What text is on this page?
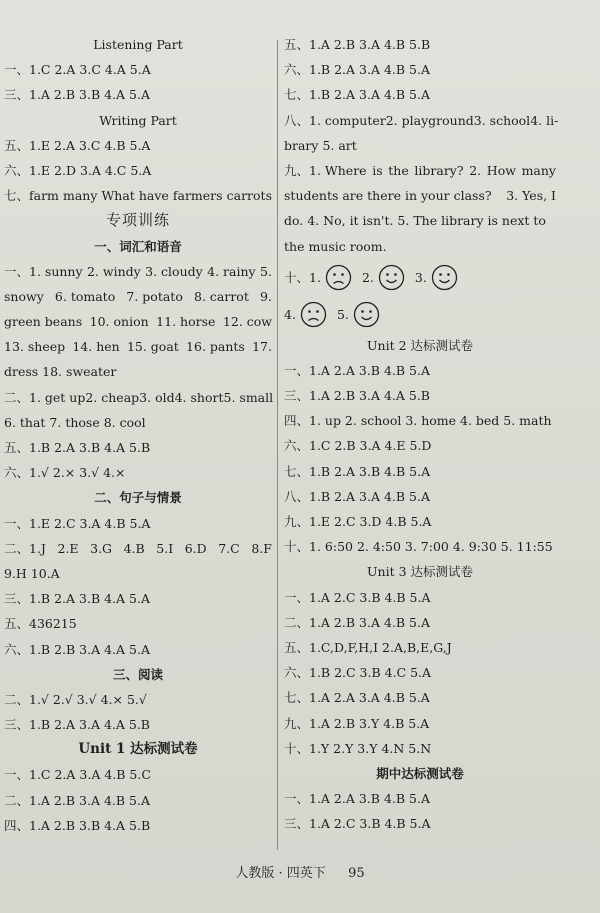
Listening Part
一、1.C 2.A 3.C 4.A 5.A
三、1.A 2.B 3.B 4.A 5.A
Writing Part
五、1.E 2.A 3.C 4.B 5.A
六、1.E 2.D 3.A 4.C 5.A
七、farm many What have farmers carrots
专项训练
一、词汇和语音
一、1. sunny 2. windy 3. cloudy 4. rainy 5.
snowy 6. tomato 7. potato 8. carrot 9.
green beans 10. onion 11. horse 12. cow
13. sheep 14. hen 15. goat 16. pants 17.
dress 18. sweater
二、1. get up 2. cheap 3. old 4. short 5. small
6. that 7. those 8. cool
五、1.B 2.A 3.B 4.A 5.B
六、1.√ 2.× 3.√ 4.×
二、句子与情景
一、1.E 2.C 3.A 4.B 5.A
二、1.J 2.E 3.G 4.B 5.I 6.D 7.C 8.F
9.H 10.A
三、1.B 2.A 3.B 4.A 5.A
五、436215
六、1.B 2.B 3.A 4.A 5.A
三、阅读
二、1.√ 2.√ 3.√ 4.× 5.√
三、1.B 2.A 3.A 4.A 5.B
Unit 1 达标测试卷
一、1.C 2.A 3.A 4.B 5.C
二、1.A 2.B 3.A 4.B 5.A
四、1.A 2.B 3.B 4.A 5.B
五、1.A 2.B 3.A 4.B 5.B
六、1.B 2.A 3.A 4.B 5.A
七、1.B 2.A 3.A 4.B 5.A
八、1. computer 2. playground 3. school 4. li-
brary 5. art
九、1. Where is the library? 2. How many
students are there in your class? 3. Yes, I
do. 4. No, it isn't. 5. The library is next to
the music room.
十、1.	2.	3.
4.	5.
Unit 2 达标测试卷
一、1.A 2.A 3.B 4.B 5.A
三、1.A 2.B 3.A 4.A 5.B
四、1. up 2. school 3. home 4. bed 5. math
六、1.C 2.B 3.A 4.E 5.D
七、1.B 2.A 3.B 4.B 5.A
八、1.B 2.A 3.A 4.B 5.A
九、1.E 2.C 3.D 4.B 5.A
十、1. 6:50 2. 4:50 3. 7:00 4. 9:30 5. 11:55
Unit 3 达标测试卷
一、1.A 2.C 3.B 4.B 5.A
二、1.A 2.B 3.A 4.B 5.A
五、1.C,D,F,H,I 2.A,B,E,G,J
六、1.B 2.C 3.B 4.C 5.A
七、1.A 2.A 3.A 4.B 5.A
九、1.A 2.B 3.Y 4.B 5.A
十、1.Y 2.Y 3.Y 4.N 5.N
期中达标测试卷
一、1.A 2.A 3.B 4.B 5.A
三、1.A 2.C 3.B 4.B 5.A
人教版 · 四英下 95
